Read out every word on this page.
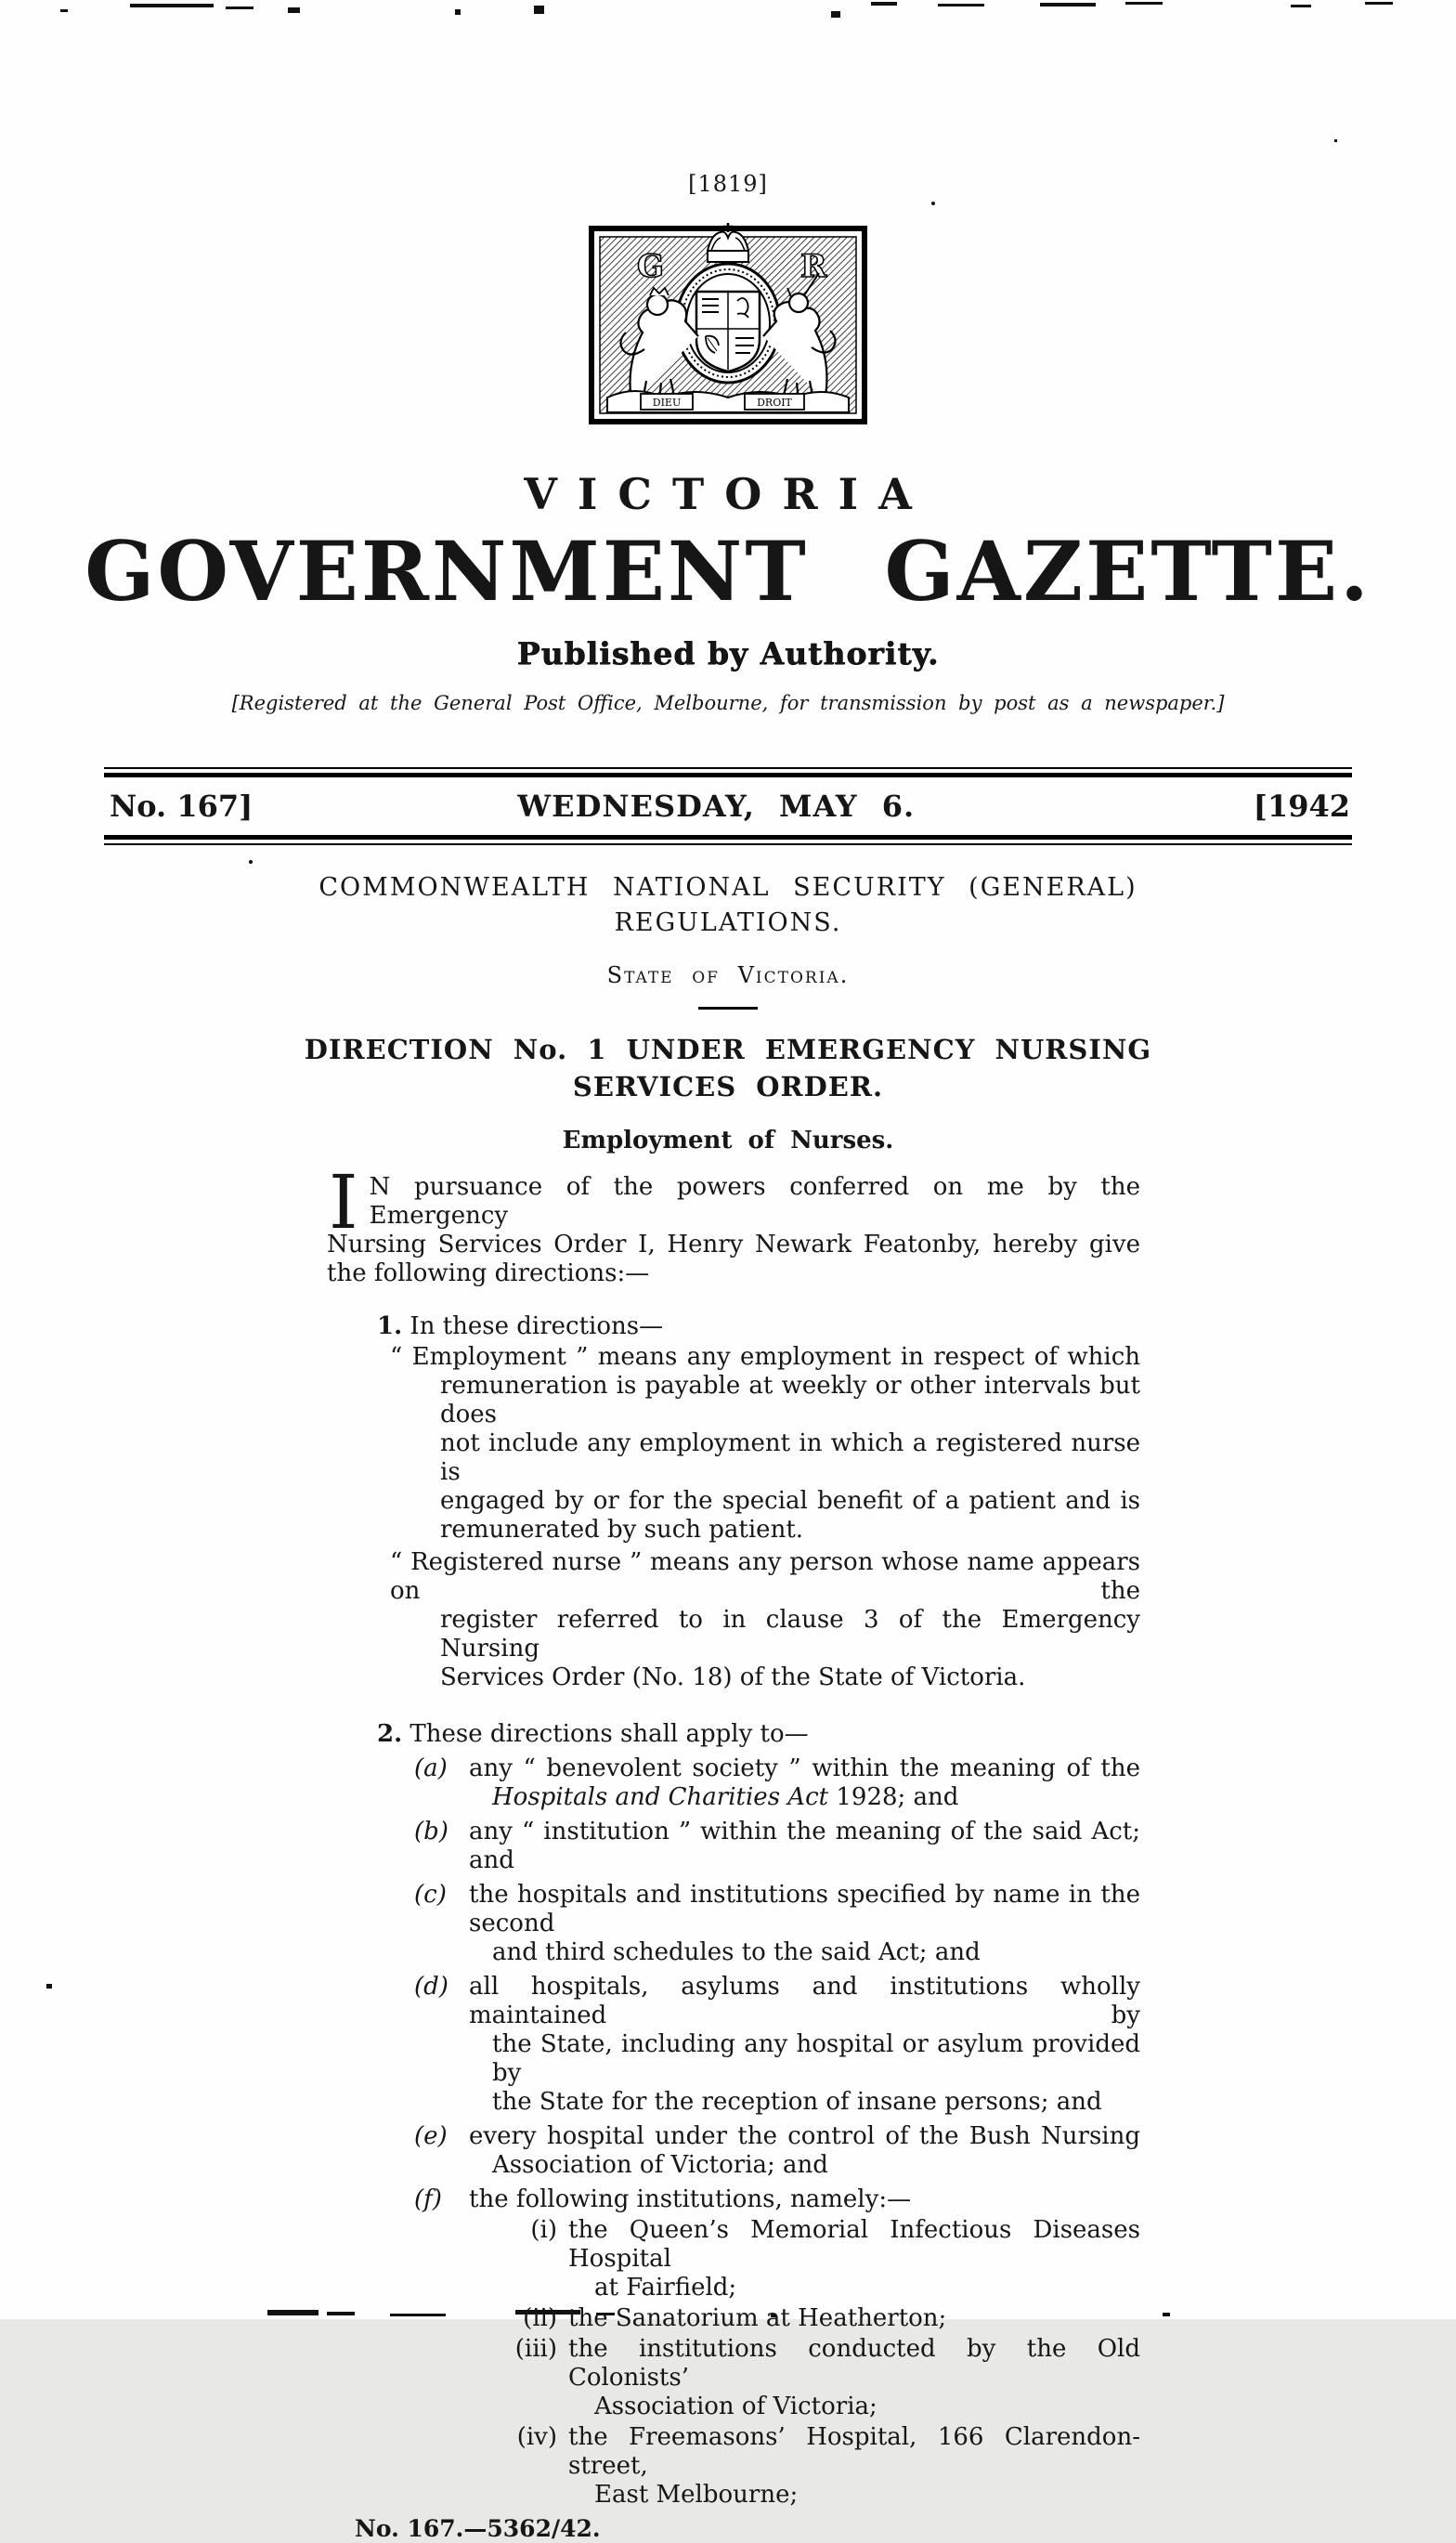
[1819]
G	R
DIEU	DROIT
VICTORIA
GOVERNMENT GAZETTE.
Published by Authority.
[Registered at the General Post Office, Melbourne, for transmission by post as a newspaper.]
No. 167]	WEDNESDAY, MAY 6.	[1942
COMMONWEALTH NATIONAL SECURITY (GENERAL)
REGULATIONS.
State of Victoria.
DIRECTION No. 1 UNDER EMERGENCY NURSING
SERVICES ORDER.
Employment of Nurses.
I N pursuance of the powers conferred on me by the Emergency
Nursing Services Order I, Henry Newark Featonby, hereby give
the following directions:—
1. In these directions—
“ Employment ” means any employment in respect of which
remuneration is payable at weekly or other intervals but does
not include any employment in which a registered nurse is
engaged by or for the special benefit of a patient and is
remunerated by such patient.
“ Registered nurse ” means any person whose name appears on the
register referred to in clause 3 of the Emergency Nursing
Services Order (No. 18) of the State of Victoria.
2. These directions shall apply to—
(a) any “ benevolent society ” within the meaning of the
Hospitals and Charities Act 1928; and
(b) any “ institution ” within the meaning of the said Act; and
(c) the hospitals and institutions specified by name in the second
and third schedules to the said Act; and
(d) all hospitals, asylums and institutions wholly maintained by
the State, including any hospital or asylum provided by
the State for the reception of insane persons; and
(e) every hospital under the control of the Bush Nursing
Association of Victoria; and
(f)	the following institutions, namely:—
(i) the Queen’s Memorial Infectious Diseases Hospital
at Fairfield;
(ii) the Sanatorium at Heatherton;
(iii) the institutions conducted by the Old Colonists’
Association of Victoria;
(iv) the Freemasons’ Hospital, 166 Clarendon-street,
East Melbourne;
No. 167.—5362/42.
